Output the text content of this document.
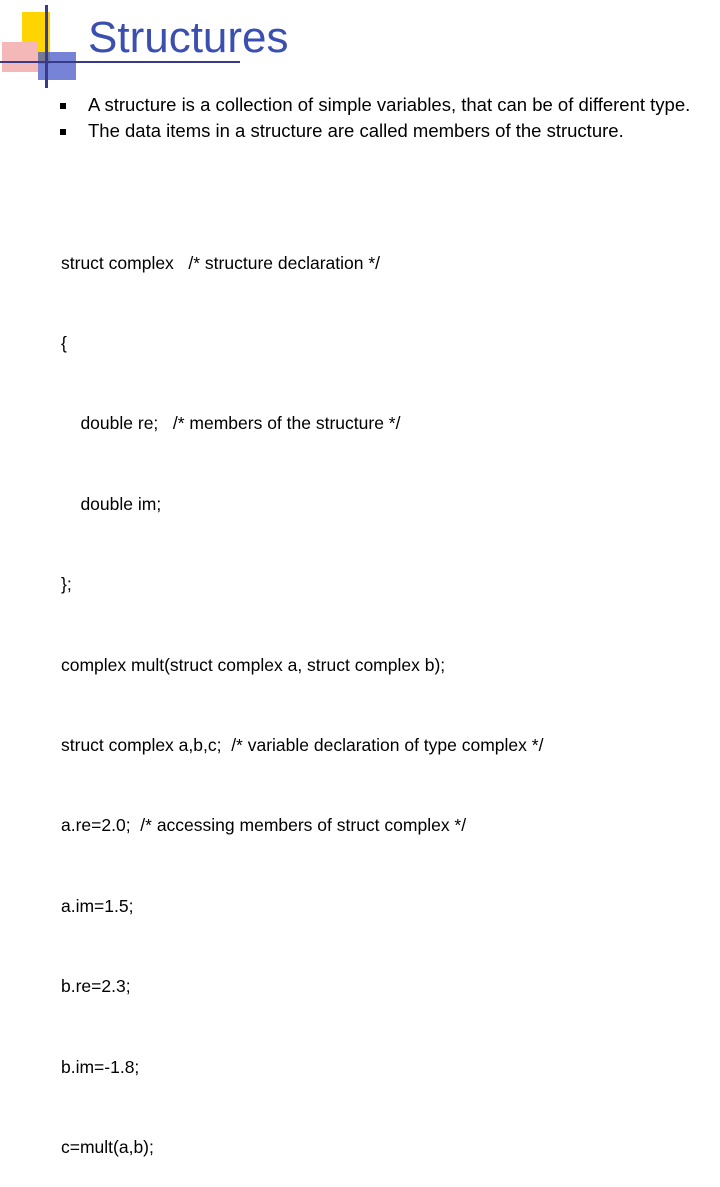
Structures
A structure is a collection of simple variables, that can be of different type.
The data items in a structure are called members of the structure.

struct complex   /* structure declaration */

{

double re;   /* members of the structure */

double im;

};

complex mult(struct complex a, struct complex b);

struct complex a,b,c;  /* variable declaration of type complex */

a.re=2.0;  /* accessing members of struct complex */

a.im=1.5;

b.re=2.3;

b.im=-1.8;

c=mult(a,b);
